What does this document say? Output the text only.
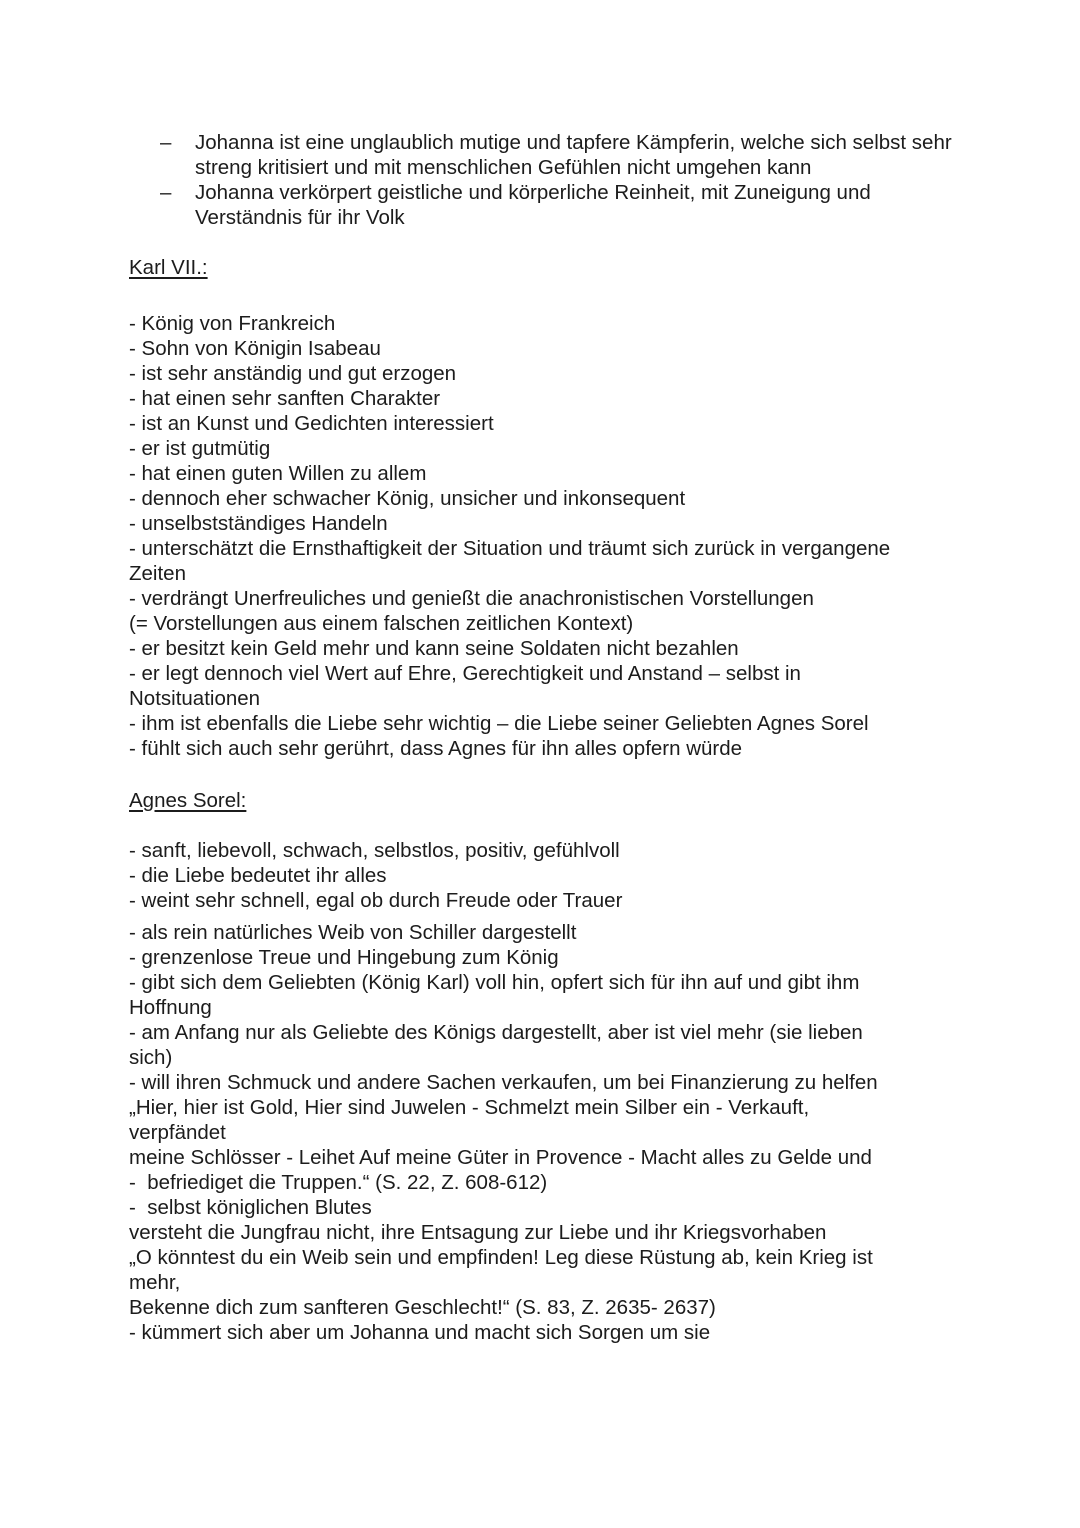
– Johanna ist eine unglaublich mutige und tapfere Kämpferin, welche sich selbst sehr streng kritisiert und mit menschlichen Gefühlen nicht umgehen kann
– Johanna verkörpert geistliche und körperliche Reinheit, mit Zuneigung und Verständnis für ihr Volk
Karl VII.:
- König von Frankreich
- Sohn von Königin Isabeau
- ist sehr anständig und gut erzogen
- hat einen sehr sanften Charakter
- ist an Kunst und Gedichten interessiert
- er ist gutmütig
- hat einen guten Willen zu allem
- dennoch eher schwacher König, unsicher und inkonsequent
- unselbstständiges Handeln
- unterschätzt die Ernsthaftigkeit der Situation und träumt sich zurück in vergangene
Zeiten
- verdrängt Unerfreuliches und genießt die anachronistischen Vorstellungen
(= Vorstellungen aus einem falschen zeitlichen Kontext)
- er besitzt kein Geld mehr und kann seine Soldaten nicht bezahlen
- er legt dennoch viel Wert auf Ehre, Gerechtigkeit und Anstand – selbst in
Notsituationen
- ihm ist ebenfalls die Liebe sehr wichtig – die Liebe seiner Geliebten Agnes Sorel
- fühlt sich auch sehr gerührt, dass Agnes für ihn alles opfern würde
Agnes Sorel:
- sanft, liebevoll, schwach, selbstlos, positiv, gefühlvoll
- die Liebe bedeutet ihr alles
- weint sehr schnell, egal ob durch Freude oder Trauer
- als rein natürliches Weib von Schiller dargestellt
- grenzenlose Treue und Hingebung zum König
- gibt sich dem Geliebten (König Karl) voll hin, opfert sich für ihn auf und gibt ihm
Hoffnung
- am Anfang nur als Geliebte des Königs dargestellt, aber ist viel mehr (sie lieben
sich)
- will ihren Schmuck und andere Sachen verkaufen, um bei Finanzierung zu helfen
„Hier, hier ist Gold, Hier sind Juwelen - Schmelzt mein Silber ein - Verkauft,
verpfändet
meine Schlösser - Leihet Auf meine Güter in Provence - Macht alles zu Gelde und
-  befriediget die Truppen.“ (S. 22, Z. 608-612)
-  selbst königlichen Blutes
versteht die Jungfrau nicht, ihre Entsagung zur Liebe und ihr Kriegsvorhaben
„O könntest du ein Weib sein und empfinden! Leg diese Rüstung ab, kein Krieg ist
mehr,
Bekenne dich zum sanfteren Geschlecht!“ (S. 83, Z. 2635- 2637)
- kümmert sich aber um Johanna und macht sich Sorgen um sie
